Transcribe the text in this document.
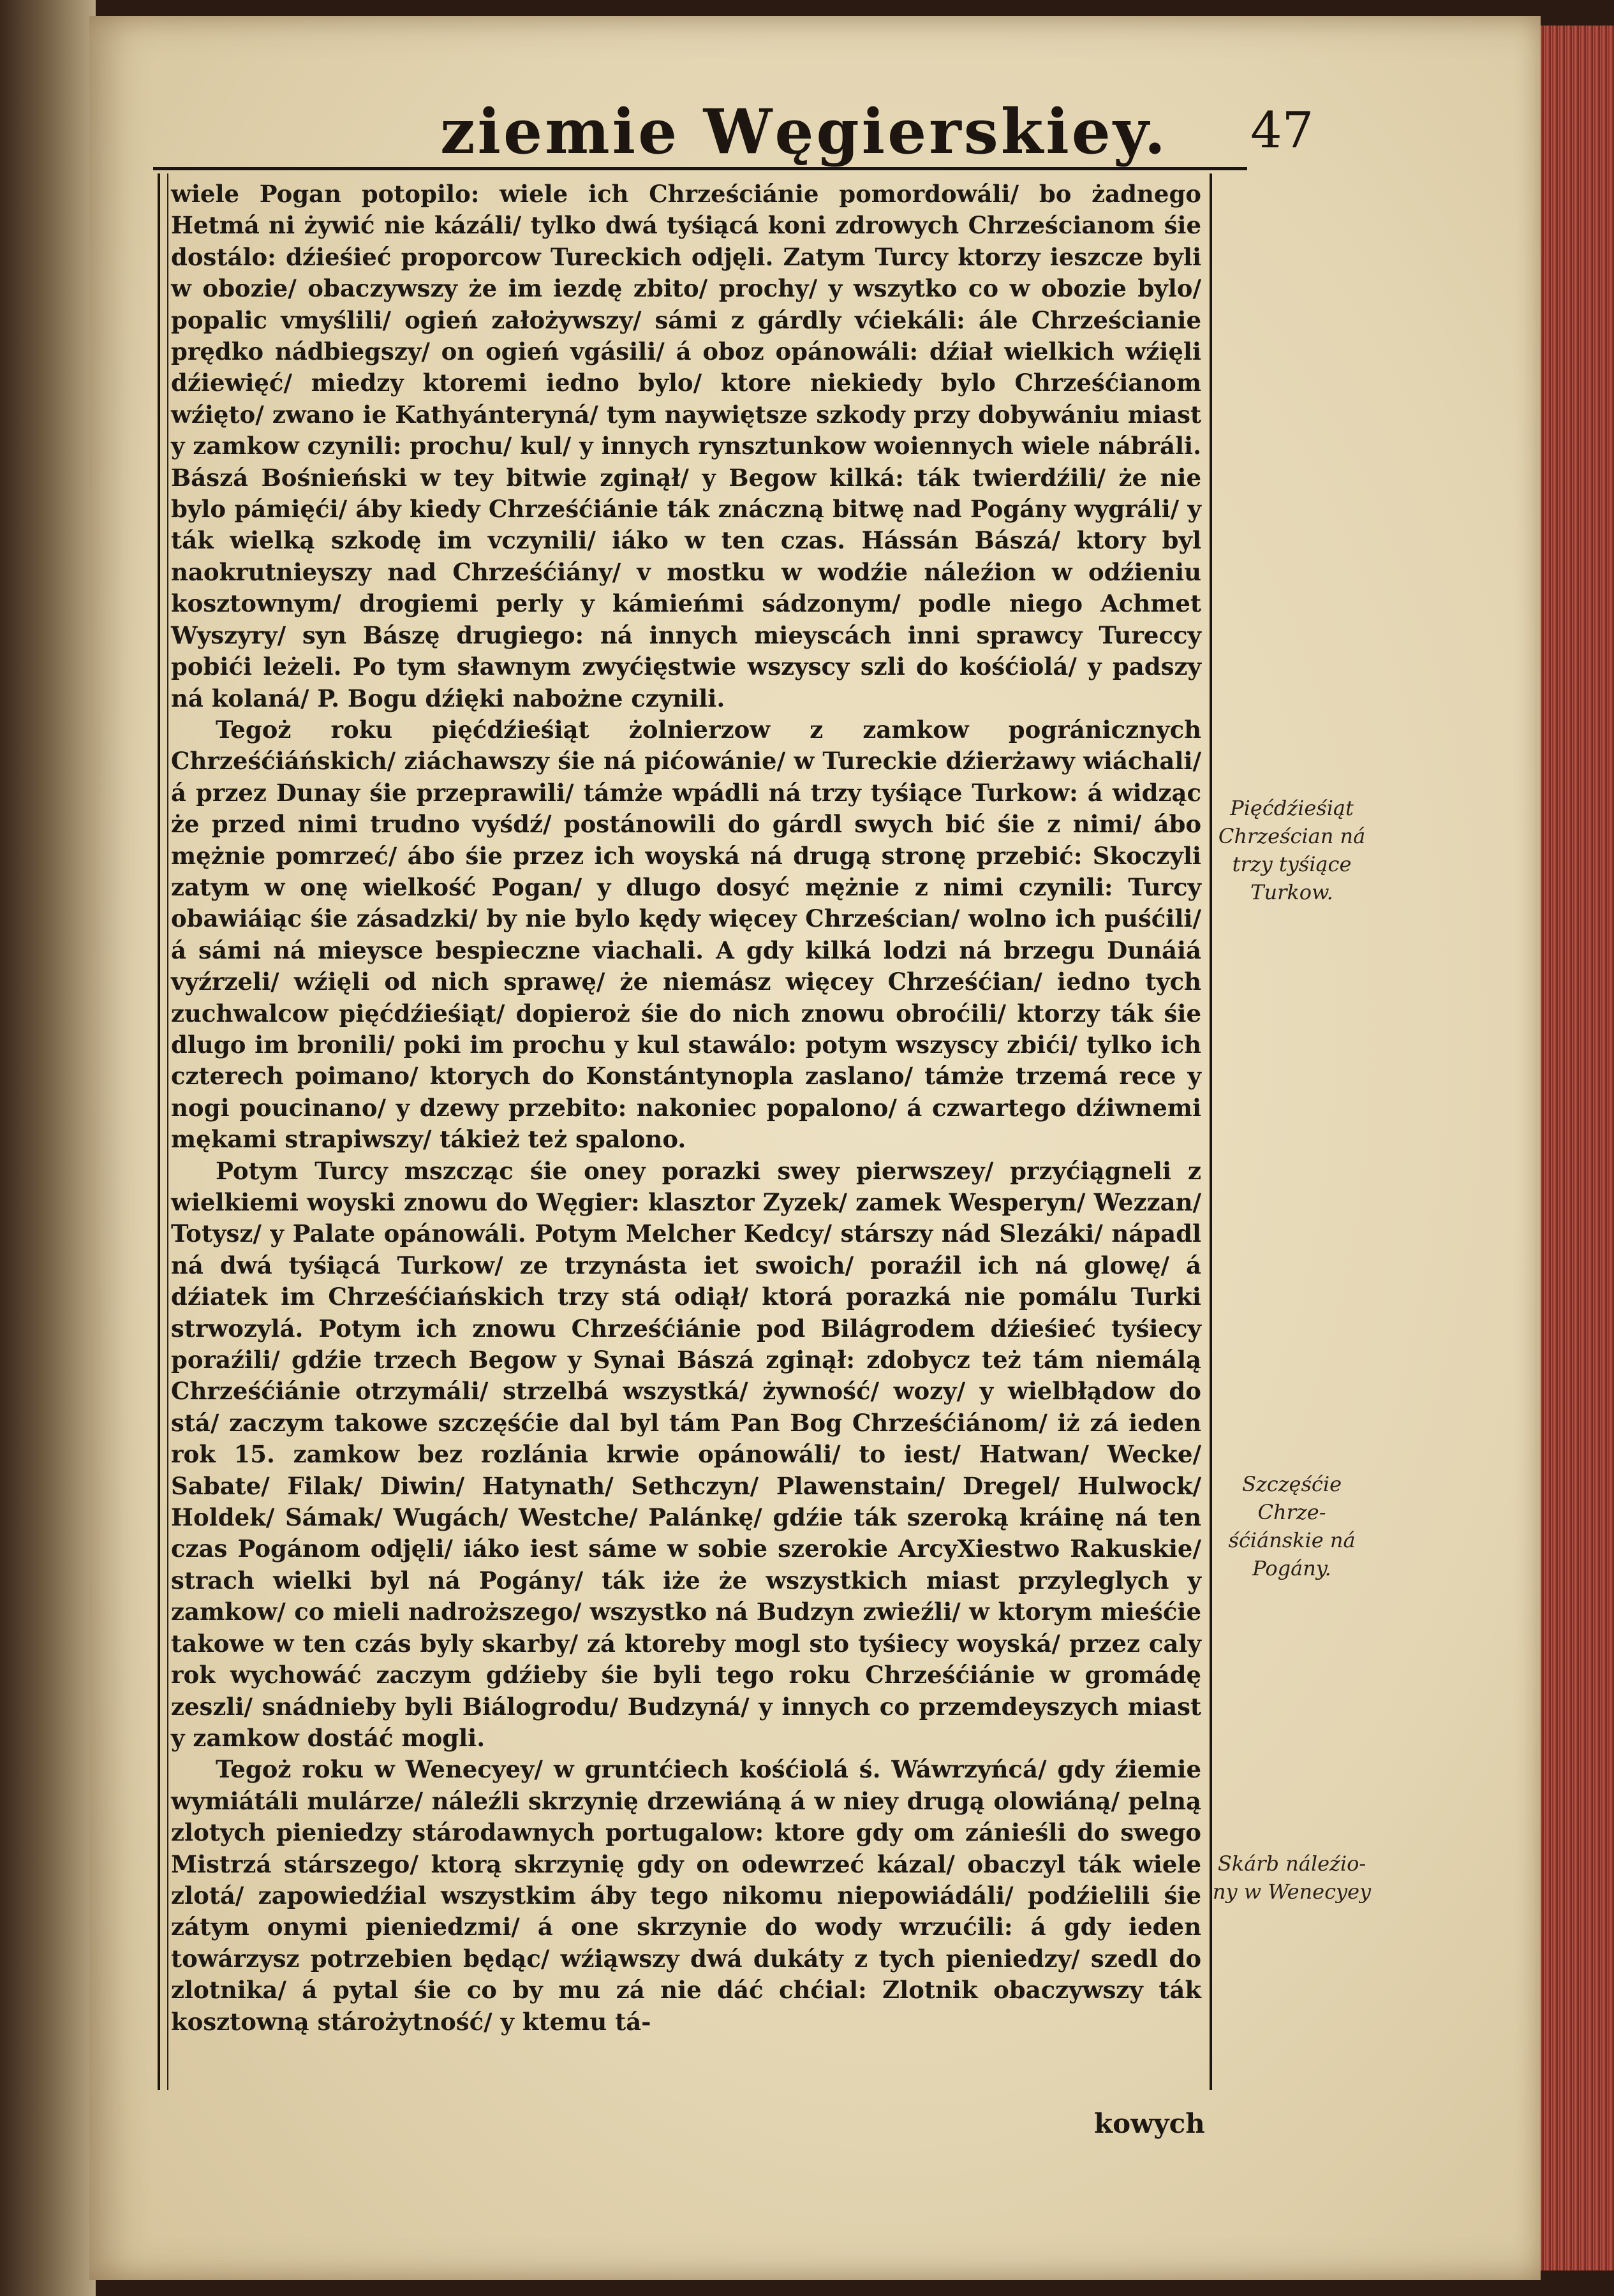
ziemie Węgierskiey. 47

wiele Pogan potopilo: wiele ich Chrześciánie pomordowáli/ bo żadnego Hetmá ni żywić nie kázáli/ tylko dwá tyśiącá koni zdrowych Chrześcianom śie dostálo: dźieśieć proporcow Tureckich odjęli. Zatym Turcy ktorzy ieszcze byli w obozie/ obaczywszy że im iezdę zbito/ prochy/ y wszytko co w obozie bylo/ popalic vmyślili/ ogień założywszy/ sámi z gárdly vćiekáli: ále Chrześcianie prędko nádbiegszy/ on ogień vgásili/ á oboz opánowáli: dźiał wielkich wźięli dźiewięć/ miedzy ktoremi iedno bylo/ ktore niekiedy bylo Chrześćianom wźięto/ zwano ie Kathyánteryná/ tym naywiętsze szkody przy dobywániu miast y zamkow czynili: prochu/ kul/ y innych rynsztunkow woiennych wiele nábráli. Bászá Bośnieński w tey bitwie zginął/ y Begow kilká: ták twierdźili/ że nie bylo pámięći/ áby kiedy Chrześćiánie ták znáczną bitwę nad Pogány wygráli/ y ták wielką szkodę im vczynili/ iáko w ten czas. Hássán Bászá/ ktory byl naokrutnieyszy nad Chrześćiány/ v mostku w wodźie náleźion w odźieniu kosztownym/ drogiemi perly y kámieńmi sádzonym/ podle niego Achmet Wyszyry/ syn Bászę drugiego: ná innych mieyscách inni sprawcy Tureccy pobići leżeli. Po tym sławnym zwyćięstwie wszyscy szli do kośćiolá/ y padszy ná kolaná/ P. Bogu dźięki nabożne czynili.

Tegoż roku pięćdźieśiąt żolnierzow z zamkow pogránicznych Chrześćiáńskich/ ziáchawszy śie ná pićowánie/ w Tureckie dźierżawy wiáchali/ á przez Dunay śie przeprawili/ támże wpádli ná trzy tyśiące Turkow: á widząc że przed nimi trudno vyśdź/ postánowili do gárdl swych bić śie z nimi/ ábo mężnie pomrzeć/ ábo śie przez ich woyská ná drugą stronę przebić: Skoczyli zatym w onę wielkość Pogan/ y dlugo dosyć mężnie z nimi czynili: Turcy obawiáiąc śie zásadzki/ by nie bylo kędy więcey Chrześcian/ wolno ich puśćili/ á sámi ná mieysce bespieczne viachali. A gdy kilká lodzi ná brzegu Dunáiá vyźrzeli/ wźięli od nich sprawę/ że niemász więcey Chrześćian/ iedno tych zuchwalcow pięćdźieśiąt/ dopieroż śie do nich znowu obroćili/ ktorzy ták śie dlugo im bronili/ poki im prochu y kul stawálo: potym wszyscy zbići/ tylko ich czterech poimano/ ktorych do Konstántynopla zaslano/ támże trzemá rece y nogi poucinano/ y dzewy przebito: nakoniec popalono/ á czwartego dźiwnemi mękami strapiwszy/ tákież też spalono.

Potym Turcy mszcząc śie oney porazki swey pierwszey/ przyćiągneli z wielkiemi woyski znowu do Węgier: klasztor Zyzek/ zamek Wesperyn/ Wezzan/ Totysz/ y Palate opánowáli. Potym Melcher Kedcy/ stárszy nád Slezáki/ nápadl ná dwá tyśiącá Turkow/ ze trzynásta iet swoich/ poraźil ich ná glowę/ á dźiatek im Chrześćiańskich trzy stá odiął/ ktorá porazká nie pomálu Turki strwozylá. Potym ich znowu Chrześćiánie pod Bilágrodem dźieśieć tyśiecy poraźili/ gdźie trzech Begow y Synai Bászá zginął: zdobycz też tám niemálą Chrześćiánie otrzymáli/ strzelbá wszystká/ żywność/ wozy/ y wielbłądow do stá/ zaczym takowe szczęśćie dal byl tám Pan Bog Chrześćiánom/ iż zá ieden rok 15. zamkow bez rozlánia krwie opánowáli/ to iest/ Hatwan/ Wecke/ Sabate/ Filak/ Diwin/ Hatynath/ Sethczyn/ Plawenstain/ Dregel/ Hulwock/ Holdek/ Sámak/ Wugách/ Westche/ Palánkę/ gdźie ták szeroką kráinę ná ten czas Pogánom odjęli/ iáko iest sáme w sobie szerokie ArcyXiestwo Rakuskie/ strach wielki byl ná Pogány/ ták iże że wszystkich miast przyleglych y zamkow/ co mieli nadroższego/ wszystko ná Budzyn zwieźli/ w ktorym mieśćie takowe w ten czás byly skarby/ zá ktoreby mogl sto tyśiecy woyská/ przez caly rok wychowáć zaczym gdźieby śie byli tego roku Chrześćiánie w gromádę zeszli/ snádnieby byli Biálogrodu/ Budzyná/ y innych co przemdeyszych miast y zamkow dostáć mogli.

Tegoż roku w Wenecyey/ w gruntćiech kośćiolá ś. Wáwrzyńcá/ gdy źiemie wymiátáli mulárze/ náleźli skrzynię drzewiáną á w niey drugą olowiáną/ pelną zlotych pieniedzy stárodawnych portugalow: ktore gdy om zánieśli do swego Mistrzá stárszego/ ktorą skrzynię gdy on odewrzeć kázal/ obaczyl ták wiele zlotá/ zapowiedźial wszystkim áby tego nikomu niepowiádáli/ podźielili śie zátym onymi pieniedzmi/ á one skrzynie do wody wrzućili: á gdy ieden towárzysz potrzebien będąc/ wźiąwszy dwá dukáty z tych pieniedzy/ szedl do zlotnika/ á pytal śie co by mu zá nie dáć chćial: Zlotnik obaczywszy ták kosztowną stárożytność/ y ktemu tá-

kowych
Pięćdźieśiąt
Chrześcian ná
trzy tyśiące
Turkow.
Szczęśćie Chrze-
śćiánskie ná
Pogány.
Skárb náleźio-
ny w Wenecyey
